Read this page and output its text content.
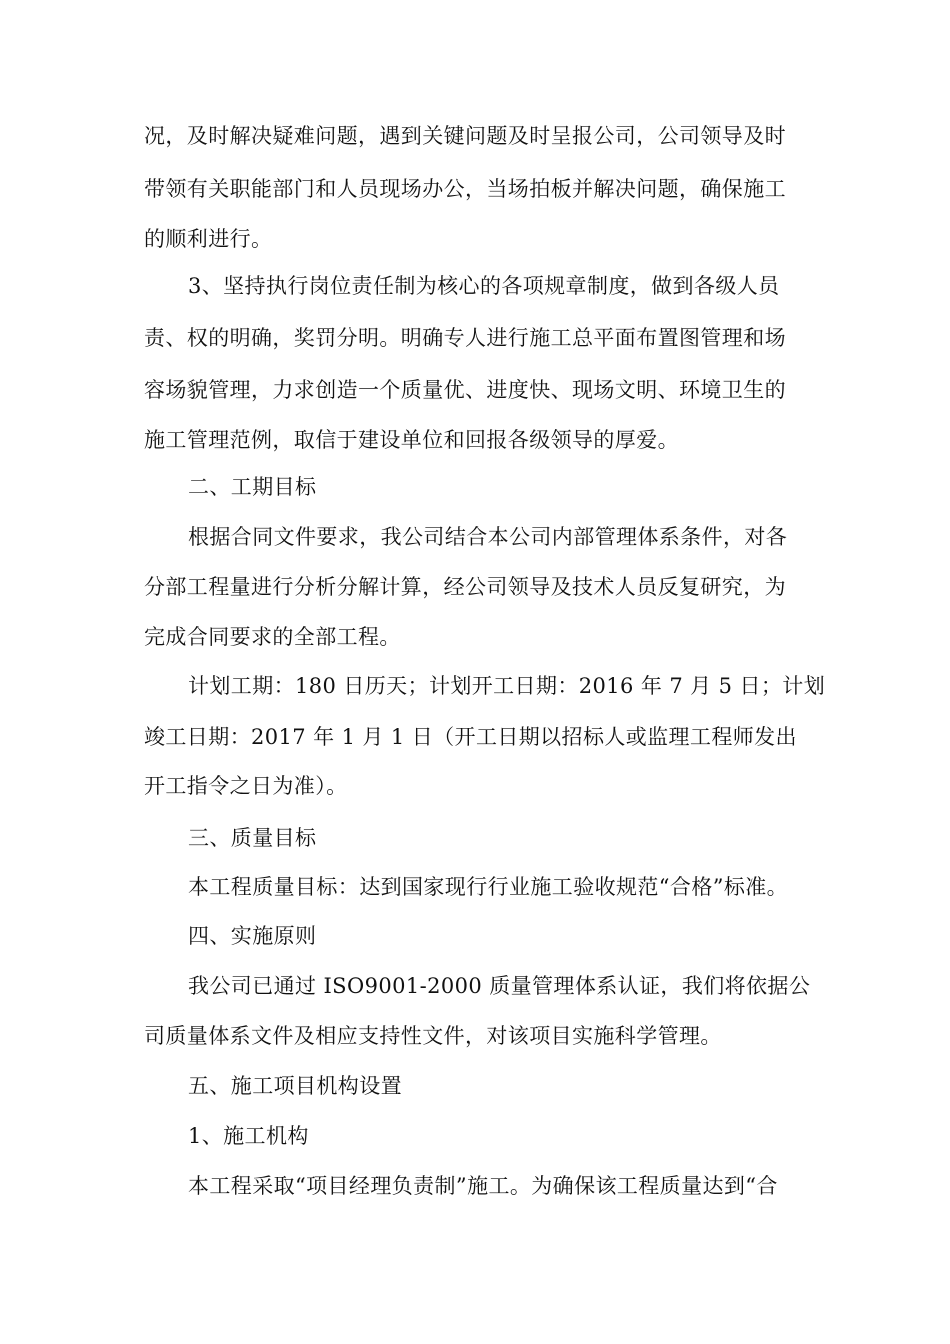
况，及时解决疑难问题，遇到关键问题及时呈报公司，公司领导及时
带领有关职能部门和人员现场办公，当场拍板并解决问题，确保施工
的顺利进行。
3、坚持执行岗位责任制为核心的各项规章制度，做到各级人员
责、权的明确，奖罚分明。明确专人进行施工总平面布置图管理和场
容场貌管理，力求创造一个质量优、进度快、现场文明、环境卫生的
施工管理范例，取信于建设单位和回报各级领导的厚爱。
二、工期目标
根据合同文件要求，我公司结合本公司内部管理体系条件，对各
分部工程量进行分析分解计算，经公司领导及技术人员反复研究，为
完成合同要求的全部工程。
计划工期：180 日历天；计划开工日期：2016 年 7 月 5 日；计划
竣工日期：2017 年 1 月 1 日（开工日期以招标人或监理工程师发出
开工指令之日为准）。
三、质量目标
本工程质量目标：达到国家现行行业施工验收规范“合格”标准。
四、实施原则
我公司已通过 ISO9001-2000 质量管理体系认证，我们将依据公
司质量体系文件及相应支持性文件，对该项目实施科学管理。
五、施工项目机构设置
1、施工机构
本工程采取“项目经理负责制”施工。为确保该工程质量达到“合
